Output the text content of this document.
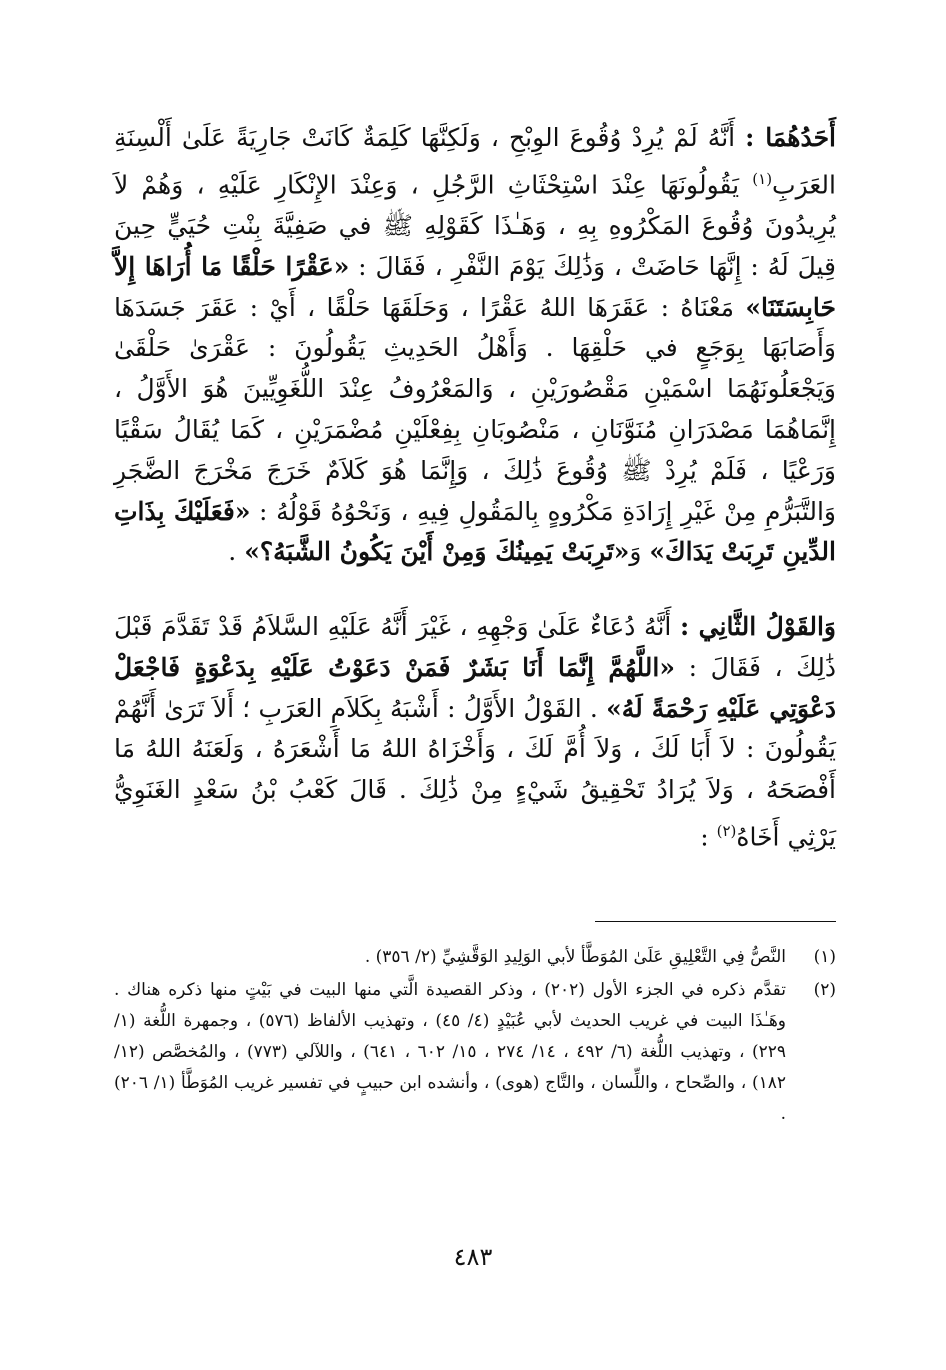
أَحَدُهُمَا : أَنَّهُ لَمْ يُرِدْ وُقُوعَ الوِبْحِ ، وَلَكِنَّهَا كَلِمَةٌ كَانَتْ جَارِيَةً عَلَىٰ أَلْسِنَةِ العَرَبِ$^{(١)}$ يَقُولُونَهَا عِنْدَ اسْتِحْثَاثِ الرَّجُلِ ، وَعِنْدَ الإِنْكَارِ عَلَيْهِ ، وَهُمْ لاَ يُرِيدُونَ وُقُوعَ المَكْرُوهِ بِهِ ، وَهَـٰذَا كَقَوْلِهِ ﷺ في صَفِيَّةَ بِنْتِ حُيَيٍّ حِينَ قِيلَ لَهُ : إِنَّهَا حَاضَتْ ، وَذَٰلِكَ يَوْمَ النَّفْرِ ، فَقَالَ : «عَقْرًا حَلْقًا مَا أُرَاهَا إِلاَّ حَابِسَتَنَا» مَعْنَاهُ : عَقَرَهَا اللهُ عَقْرًا ، وَحَلَقَهَا حَلْقًا ، أَيْ : عَقَرَ جَسَدَهَا وَأَصَابَهَا بِوَجَعٍ في حَلْقِهَا . وَأَهْلُ الحَدِيثِ يَقُولُونَ : عَقْرَىٰ حَلْقَىٰ وَيَجْعَلُونَهُمَا اسْمَيْنِ مَقْصُورَيْنِ ، وَالمَعْرُوفُ عِنْدَ اللُّغَوِيِّينَ هُوَ الأَوَّلُ ، إِنَّمَاهُمَا مَصْدَرَانِ مُنَوَّنَانِ ، مَنْصُوبَانِ بِفِعْلَيْنِ مُضْمَرَيْنِ ، كَمَا يُقَالُ سَقْيًا وَرَعْيًا ، فَلَمْ يُرِدْ ﷺ وُقُوعَ ذَٰلِكَ ، وَإِنَّمَا هُوَ كَلاَمٌ خَرَجَ مَخْرَجَ الضَّجَرِ وَالتَّبَرُّمِ مِنْ غَيْرِ إِرَادَةِ مَكْرُوهٍ بِالمَقُولِ فِيهِ ، وَنَحْوُهُ قَوْلُهُ : «فَعَلَيْكَ بِذَاتِ الدِّينِ تَرِبَتْ يَدَاكَ» وَ«تَرِبَتْ يَمِينُكَ وَمِنْ أَيْنَ يَكُونُ الشَّبَهُ؟» .

وَالقَوْلُ الثَّانِي : أَنَّهُ دُعَاءٌ عَلَىٰ وَجْهِهِ ، غَيْرَ أَنَّهُ عَلَيْهِ السَّلاَمُ قَدْ تَقَدَّمَ قَبْلَ ذَٰلِكَ ، فَقَالَ : «اللَّهُمَّ إِنَّمَا أَنَا بَشَرٌ فَمَنْ دَعَوْتُ عَلَيْهِ بِدَعْوَةٍ فَاجْعَلْ دَعْوَتِي عَلَيْهِ رَحْمَةً لَهُ» . القَوْلُ الأَوَّلُ : أَشْبَهُ بِكَلاَمِ العَرَبِ ؛ أَلاَ تَرَىٰ أَنَّهُمْ يَقُولُونَ : لاَ أَبَا لَكَ ، وَلاَ أُمَّ لَكَ ، وَأَخْزَاهُ اللهُ مَا أَشْعَرَهُ ، وَلَعَنَهُ اللهُ مَا أَفْصَحَهُ ، وَلاَ يُرَادُ تَحْقِيقُ شَيْءٍ مِنْ ذَٰلِكَ . قَالَ كَعْبُ بْنُ سَعْدٍ الغَنَوِيُّ يَرْثِي أَخَاهُ$^{(٢)}$ :

(١)
النَّصُّ فِي التَّعْلِيقِ عَلَىٰ المُوَطَّأ لأبي الوَلِيدِ الوَقَّشِيِّ (٢/ ٣٥٦) .
(٢)
تقدَّم ذكره في الجزء الأول (٢٠٢) ، وذكر القصيدة الَّتي منها البيت في بَيْتٍ منها ذكره هناك . وهَـٰذَا البيت في غريب الحديث لأبي عُبَيْدٍ (٤/ ٤٥) ، وتهذيب الألفاظ (٥٧٦) ، وجمهرة اللُّغة (١/ ٢٢٩) ، وتهذيب اللُّغة (٦/ ٤٩٢ ، ١٤/ ٢٧٤ ، ١٥/ ٦٠٢ ، ٦٤١) ، واللآلي (٧٧٣) ، والمُخصَّص (١٢/ ١٨٢) ، والصِّحاح ، واللِّسان ، والتَّاج (هوى) ، وأنشده ابن حبيبٍ في تفسير غريب المُوَطَّأ (١/ ٢٠٦) .
٤٨٣
